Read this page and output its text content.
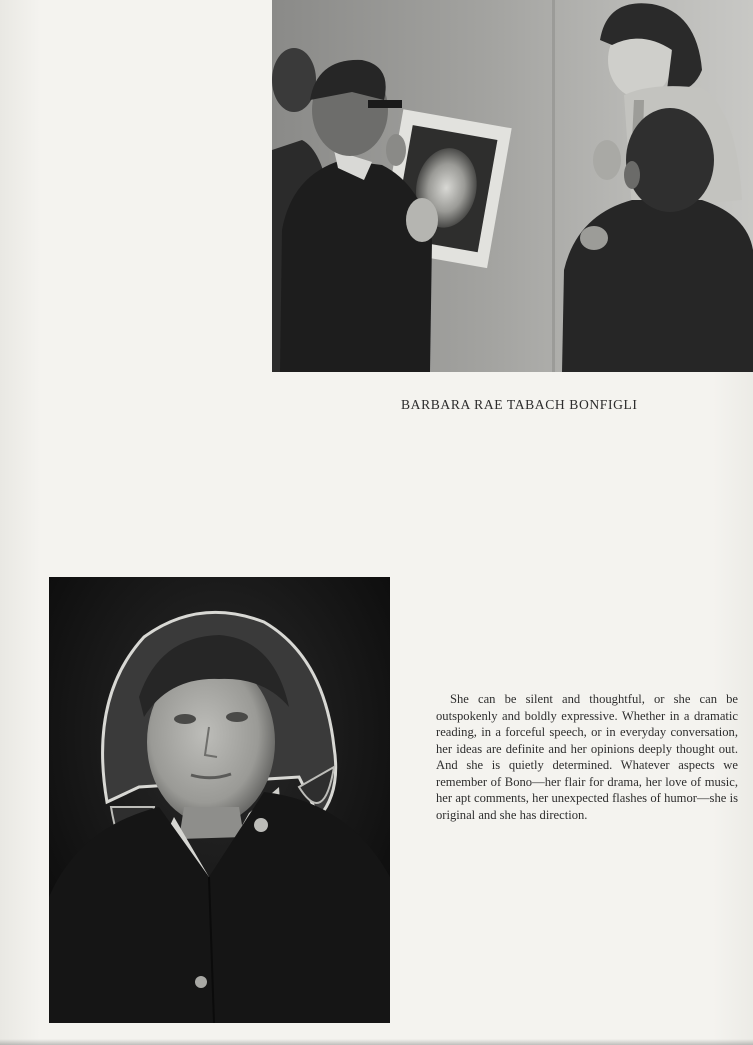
BARBARA RAE TABACH BONFIGLI
She can be silent and thoughtful, or she can be outspokenly and boldly expressive. Whether in a dramatic reading, in a forceful speech, or in everyday conversation, her ideas are definite and her opinions deeply thought out. And she is quietly determined. Whatever aspects we remember of Bono—her flair for drama, her love of music, her apt comments, her unexpected flashes of humor—she is original and she has direction.
